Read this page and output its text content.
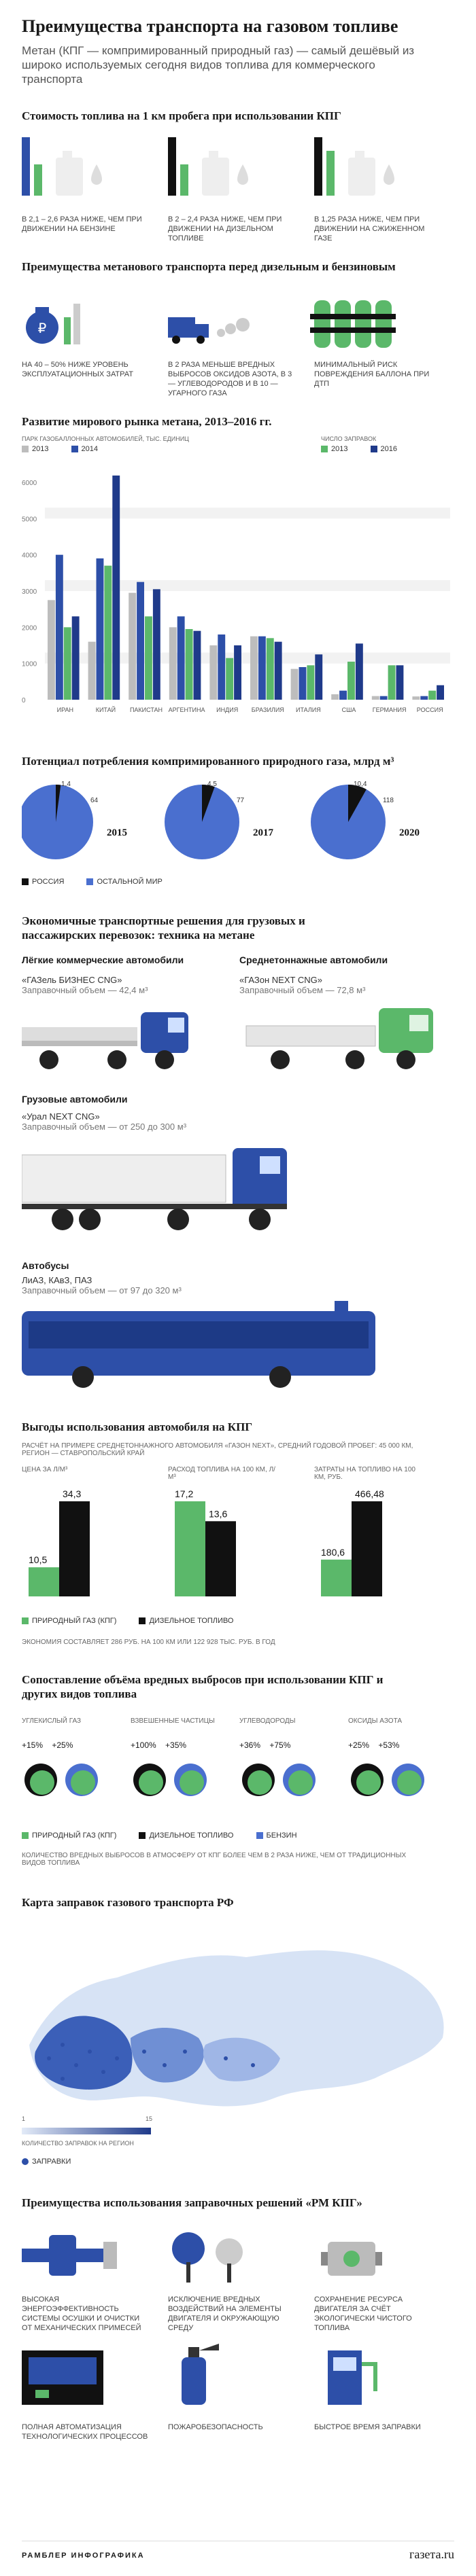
Преимущества транспорта на газовом топливе
Метан (КПГ — компримированный природный газ) — самый дешёвый из широко используемых сегодня видов топлива для коммерческого транспорта
Стоимость топлива на 1 км пробега при использовании КПГ
В 2,1 – 2,6 РАЗА НИЖЕ, ЧЕМ ПРИ ДВИЖЕНИИ НА БЕНЗИНЕ
В 2 – 2,4 РАЗА НИЖЕ, ЧЕМ ПРИ ДВИЖЕНИИ НА ДИЗЕЛЬНОМ ТОПЛИВЕ
В 1,25 РАЗА НИЖЕ, ЧЕМ ПРИ ДВИЖЕНИИ НА СЖИЖЕННОМ ГАЗЕ
Преимущества метанового транспорта перед дизельным и бензиновым
₽
НА 40 – 50% НИЖЕ УРОВЕНЬ ЭКСПЛУАТАЦИОННЫХ ЗАТРАТ
В 2 РАЗА МЕНЬШЕ ВРЕДНЫХ ВЫБРОСОВ ОКСИДОВ АЗОТА, В 3 — УГЛЕВОДОРОДОВ И В 10 — УГАРНОГО ГАЗА
МИНИМАЛЬНЫЙ РИСК ПОВРЕЖДЕНИЯ БАЛЛОНА ПРИ ДТП
Развитие мирового рынка метана, 2013–2016 гг.
ПАРК ГАЗОБАЛЛОННЫХ АВТОМОБИЛЕЙ, ТЫС. ЕДИНИЦ
2013	2014
ЧИСЛО ЗАПРАВОК
2013	2016
0
1000
2000
3000
4000
5000
6000
ИРАН	КИТАЙ ПАКИСТАН АРГЕНТИНА ИНДИЯ БРАЗИЛИЯ ИТАЛИЯ	США	ГЕРМАНИЯ РОССИЯ
Потенциал потребления компримированного природного газа, млрд м³
1,4
64
2015
4,5
77
2017
10,4
118
2020
РОССИЯ	ОСТАЛЬНОЙ МИР
Экономичные транспортные решения для грузовых и пассажирских перевозок: техника на метане
Лёгкие коммерческие автомобили
«ГАЗель БИЗНЕС CNG»
Заправочный объем — 42,4 м³
Среднетоннажные автомобили
«ГАЗон NEXT CNG»
Заправочный объем — 72,8 м³
Грузовые автомобили
«Урал NEXT CNG»
Заправочный объем — от 250 до 300 м³
Автобусы
ЛиАЗ, КАвЗ, ПАЗ
Заправочный объем — от 97 до 320 м³
Выгоды использования автомобиля на КПГ
РАСЧЁТ НА ПРИМЕРЕ СРЕДНЕТОННАЖНОГО АВТОМОБИЛЯ «ГАЗОН NEXT», СРЕДНИЙ ГОДОВОЙ ПРОБЕГ: 45 000 КМ, РЕГИОН — СТАВРОПОЛЬСКИЙ КРАЙ
ЦЕНА ЗА Л/М³	РАСХОД ТОПЛИВА НА 100 КМ, Л/М³
ЗАТРАТЫ НА ТОПЛИВО НА 100 КМ, РУБ.
10,5
34,3	17,2
13,6
180,6
466,48
ПРИРОДНЫЙ ГАЗ (КПГ)	ДИЗЕЛЬНОЕ ТОПЛИВО
ЭКОНОМИЯ СОСТАВЛЯЕТ 286 РУБ. НА 100 КМ ИЛИ 122 928 ТЫС. РУБ. В ГОД
Сопоставление объёма вредных выбросов при использовании КПГ и других видов топлива
УГЛЕКИСЛЫЙ ГАЗ
+15% +25%
ВЗВЕШЕННЫЕ ЧАСТИЦЫ
+100% +35%
УГЛЕВОДОРОДЫ
+36% +75%
ОКСИДЫ АЗОТА
+25% +53%
ПРИРОДНЫЙ ГАЗ (КПГ)	ДИЗЕЛЬНОЕ ТОПЛИВО	БЕНЗИН
КОЛИЧЕСТВО ВРЕДНЫХ ВЫБРОСОВ В АТМОСФЕРУ ОТ КПГ БОЛЕЕ ЧЕМ В 2 РАЗА НИЖЕ, ЧЕМ ОТ ТРАДИЦИОННЫХ ВИДОВ ТОПЛИВА
Карта заправок газового транспорта РФ
1	15
КОЛИЧЕСТВО ЗАПРАВОК НА РЕГИОН
ЗАПРАВКИ
Преимущества использования заправочных решений «РМ КПГ»
ВЫСОКАЯ ЭНЕРГОЭФФЕКТИВНОСТЬ СИСТЕМЫ ОСУШКИ И ОЧИСТКИ ОТ МЕХАНИЧЕСКИХ ПРИМЕСЕЙ
ИСКЛЮЧЕНИЕ ВРЕДНЫХ ВОЗДЕЙСТВИЙ НА ЭЛЕМЕНТЫ ДВИГАТЕЛЯ И ОКРУЖАЮЩУЮ СРЕДУ
СОХРАНЕНИЕ РЕСУРСА ДВИГАТЕЛЯ ЗА СЧЁТ ЭКОЛОГИЧЕСКИ ЧИСТОГО ТОПЛИВА
ПОЛНАЯ АВТОМАТИЗАЦИЯ ТЕХНОЛОГИЧЕСКИХ ПРОЦЕССОВ
ПОЖАРОБЕЗОПАСНОСТЬ	БЫСТРОЕ ВРЕМЯ ЗАПРАВКИ
РАМБЛЕР ИНФОГРАФИКА	газета.ru
